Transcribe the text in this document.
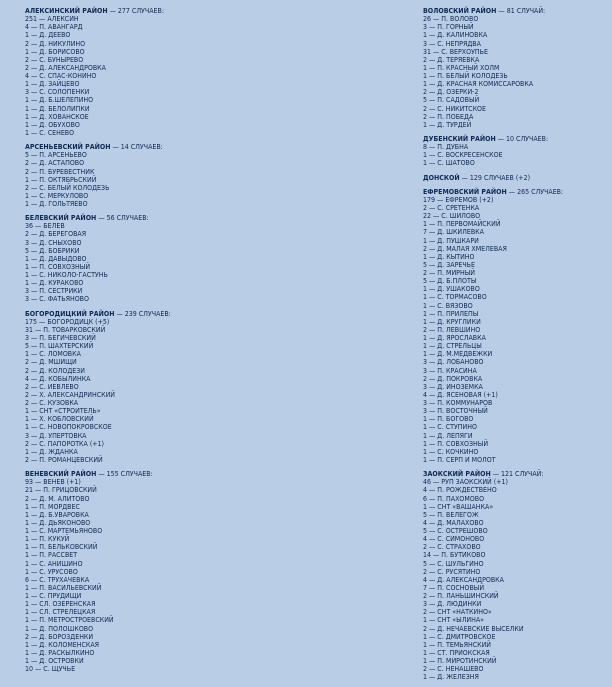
АЛЕКСИНСКИЙ РАЙОН — 277 СЛУЧАЕВ:
251 — АЛЕКСИН
4 — П. АВАНГАРД
1 — Д. ДЕЕВО
2 — Д. НИКУЛИНО
1 — Д. БОРИСОВО
2 — С. БУНЫРЕВО
2 — Д. АЛЕКСАНДРОВКА
4 — С. СПАС-КОНИНО
1 — Д. ЗАЙЦЕВО
3 — С. СОЛОПЕНКИ
1 — Д. Б.ШЕЛЕПИНО
1 — Д. БЕЛОЛИПКИ
1 — Д. ХОВАНСКОЕ
1 — Д. ОБУХОВО
1 — С. СЕНЕВО
АРСЕНЬЕВСКИЙ РАЙОН — 14 СЛУЧАЕВ:
5 — П. АРСЕНЬЕВО
2 — Д. АСТАПОВО
2 — П. БУРЕВЕСТНИК
1 — П. ОКТЯБРЬСКИЙ
2 — С. БЕЛЫЙ КОЛОДЕЗЬ
1 — С. МЕРКУЛОВО
1 — Д. ГОЛЬТЯЕВО
БЕЛЕВСКИЙ РАЙОН — 56 СЛУЧАЕВ:
36 — БЕЛЕВ
2 — Д. БЕРЕГОВАЯ
3 — Д. СНЫХОВО
5 — Д. БОБРИКИ
1 — Д. ДАВЫДОВО
1 — П. СОВХОЗНЫЙ
1 — С. НИКОЛО-ГАСТУНЬ
1 — Д. КУРАКОВО
3 — П. СЕСТРИКИ
3 — С. ФАТЬЯНОВО
БОГОРОДИЦКИЙ РАЙОН — 239 СЛУЧАЕВ:
175 — БОГОРОДИЦК (+5)
31 — П. ТОВАРКОВСКИЙ
3 — П. БЕГИЧЕВСКИЙ
5 — П. ШАХТЕРСКИЙ
1 — С. ЛОМОВКА
2 — Д. МШИЩИ
2 — Д. КОЛОДЕЗИ
4 — Д. КОБЫЛИНКА
2 — С. ИЕВЛЕВО
2 — Х. АЛЕКСАНДРИНСКИЙ
2 — С. КУЗОВКА
1 — СНТ «СТРОИТЕЛЬ»
1 — Х. КОБЛОВСКИЙ
1 — С. НОВОПОКРОВСКОЕ
3 — Д. УПЕРТОВКА
2 — С. ПАПОРОТКА (+1)
1 — Д. ЖДАНКА
2 — П. РОМАНЦЕВСКИЙ
ВЕНЕВСКИЙ РАЙОН — 155 СЛУЧАЕВ:
93 — ВЕНЕВ (+1)
21 — П. ГРИЦОВСКИЙ
2 — Д. М. АЛИТОВО
1 — П. МОРДВЕС
1 — Д. Б.УВАРОВКА
1 — Д. ДЬЯКОНОВО
1 — С. МАРТЕМЬЯНОВО
1 — П. КУКУЙ
1 — П. БЕЛЬКОВСКИЙ
1 — П. РАССВЕТ
1 — С. АНИШИНО
1 — С. УРУСОВО
6 — С. ТРУХАЧЕВКА
1 — П. ВАСИЛЬЕВСКИЙ
1 — С. ПРУДИЩИ
1 — СЛ. ОЗЕРЕНСКАЯ
1 — СЛ. СТРЕЛЕЦКАЯ
1 — П. МЕТРОСТРОЕВСКИЙ
1 — Д. ПОЛОШКОВО
2 — Д. БОРОЗДЕНКИ
1 — Д. КОЛОМЕНСКАЯ
1 — Д. РАСКЫЛКИНО
1 — Д. ОСТРОВКИ
10 — С. ЩУЧЬЕ
ВОЛОВСКИЙ РАЙОН — 81 СЛУЧАЙ:
26 — П. ВОЛОВО
3 — П. ГОРНЫЙ
1 — Д. КАЛИНОВКА
3 — С. НЕПРЯДВА
31 — С. ВЕРХОУПЬЕ
2 — Д. ТЕРЯЕВКА
1 — П. КРАСНЫЙ ХОЛМ
1 — П. БЕЛЫЙ КОЛОДЕЗЬ
1 — Д. КРАСНАЯ КОМИССАРОВКА
2 — Д. ОЗЕРКИ-2
5 — П. САДОВЫЙ
2 — С. НИКИТСКОЕ
2 — П. ПОБЕДА
1 — Д. ТУРДЕЙ
ДУБЕНСКИЙ РАЙОН — 10 СЛУЧАЕВ:
8 — П. ДУБНА
1 — С. ВОСКРЕСЕНСКОЕ
1 — С. ШАТОВО
ДОНСКОЙ — 129 СЛУЧАЕВ (+2)
ЕФРЕМОВСКИЙ РАЙОН — 265 СЛУЧАЕВ:
179 — ЕФРЕМОВ (+2)
2 — С. СРЕТЕНКА
22 — С. ШИЛОВО
1 — П. ПЕРВОМАЙСКИЙ
7 — Д. ШКИЛЕВКА
1 — Д. ПУШКАРИ
2 — Д. МАЛАЯ ХМЕЛЕВАЯ
1 — Д. КЫТИНО
5 — Д. ЗАРЕЧЬЕ
2 — П. МИРНЫЙ
5 — Д. Б.ПЛОТЫ
1 — Д. УШАКОВО
1 — С. ТОРМАСОВО
1 — С. ВЯЗОВО
1 — П. ПРИЛЕПЫ
1 — Д. КРУГЛИКИ
2 — П. ЛЕВШИНО
1 — Д. ЯРОСЛАВКА
1 — Д. СТРЕЛЬЦЫ
1 — Д. М.МЕДВЕЖКИ
3 — Д. ЛОБАНОВО
3 — П. КРАСИНА
2 — Д. ПОКРОВКА
3 — Д. ИНОЗЕМКА
4 — Д. ЯСЕНОВАЯ (+1)
3 — П. КОММУНАРОВ
3 — П. ВОСТОЧНЫЙ
1 — П. БОГОВО
1 — С. СТУПИНО
1 — Д. ЛЕПЯГИ
1 — П. СОВХОЗНЫЙ
1 — С. КОЧКИНО
1 — П. СЕРП И МОЛОТ
ЗАОКСКИЙ РАЙОН — 121 СЛУЧАЙ:
46 — РУП ЗАОКСКИЙ (+1)
4 — П. РОЖДЕСТВЕНО
6 — П. ПАХОМОВО
1 — СНТ «ВАШАНКА»
5 — П. ВЕЛЕГОЖ
4 — Д. МАЛАХОВО
5 — С. ОСТРЕШОВО
4 — С. СИМОНОВО
2 — С. СТРАХОВО
14 — П. БУТИКОВО
5 — С. ШУЛЬГИНО
2 — С. РУСЯТИНО
4 — Д. АЛЕКСАНДРОВКА
7 — П. СОСНОВЫЙ
2 — П. ЛАНЬШИНСКИЙ
3 — Д. ЛЮДИНКИ
2 — СНТ «НАТКИНО»
1 — СНТ «ЫЛИНА»
2 — Д. НЕЧАЕВСКИЕ ВЫСЕЛКИ
1 — С. ДМИТРОВСКОЕ
1 — П. ТЕМЬЯНСКИЙ
1 — СТ. ПРИОКСКАЯ
1 — П. МИРОТИНСКИЙ
2 — С. НЕНАШЕВО
1 — Д. ЖЕЛЕЗНЯ
